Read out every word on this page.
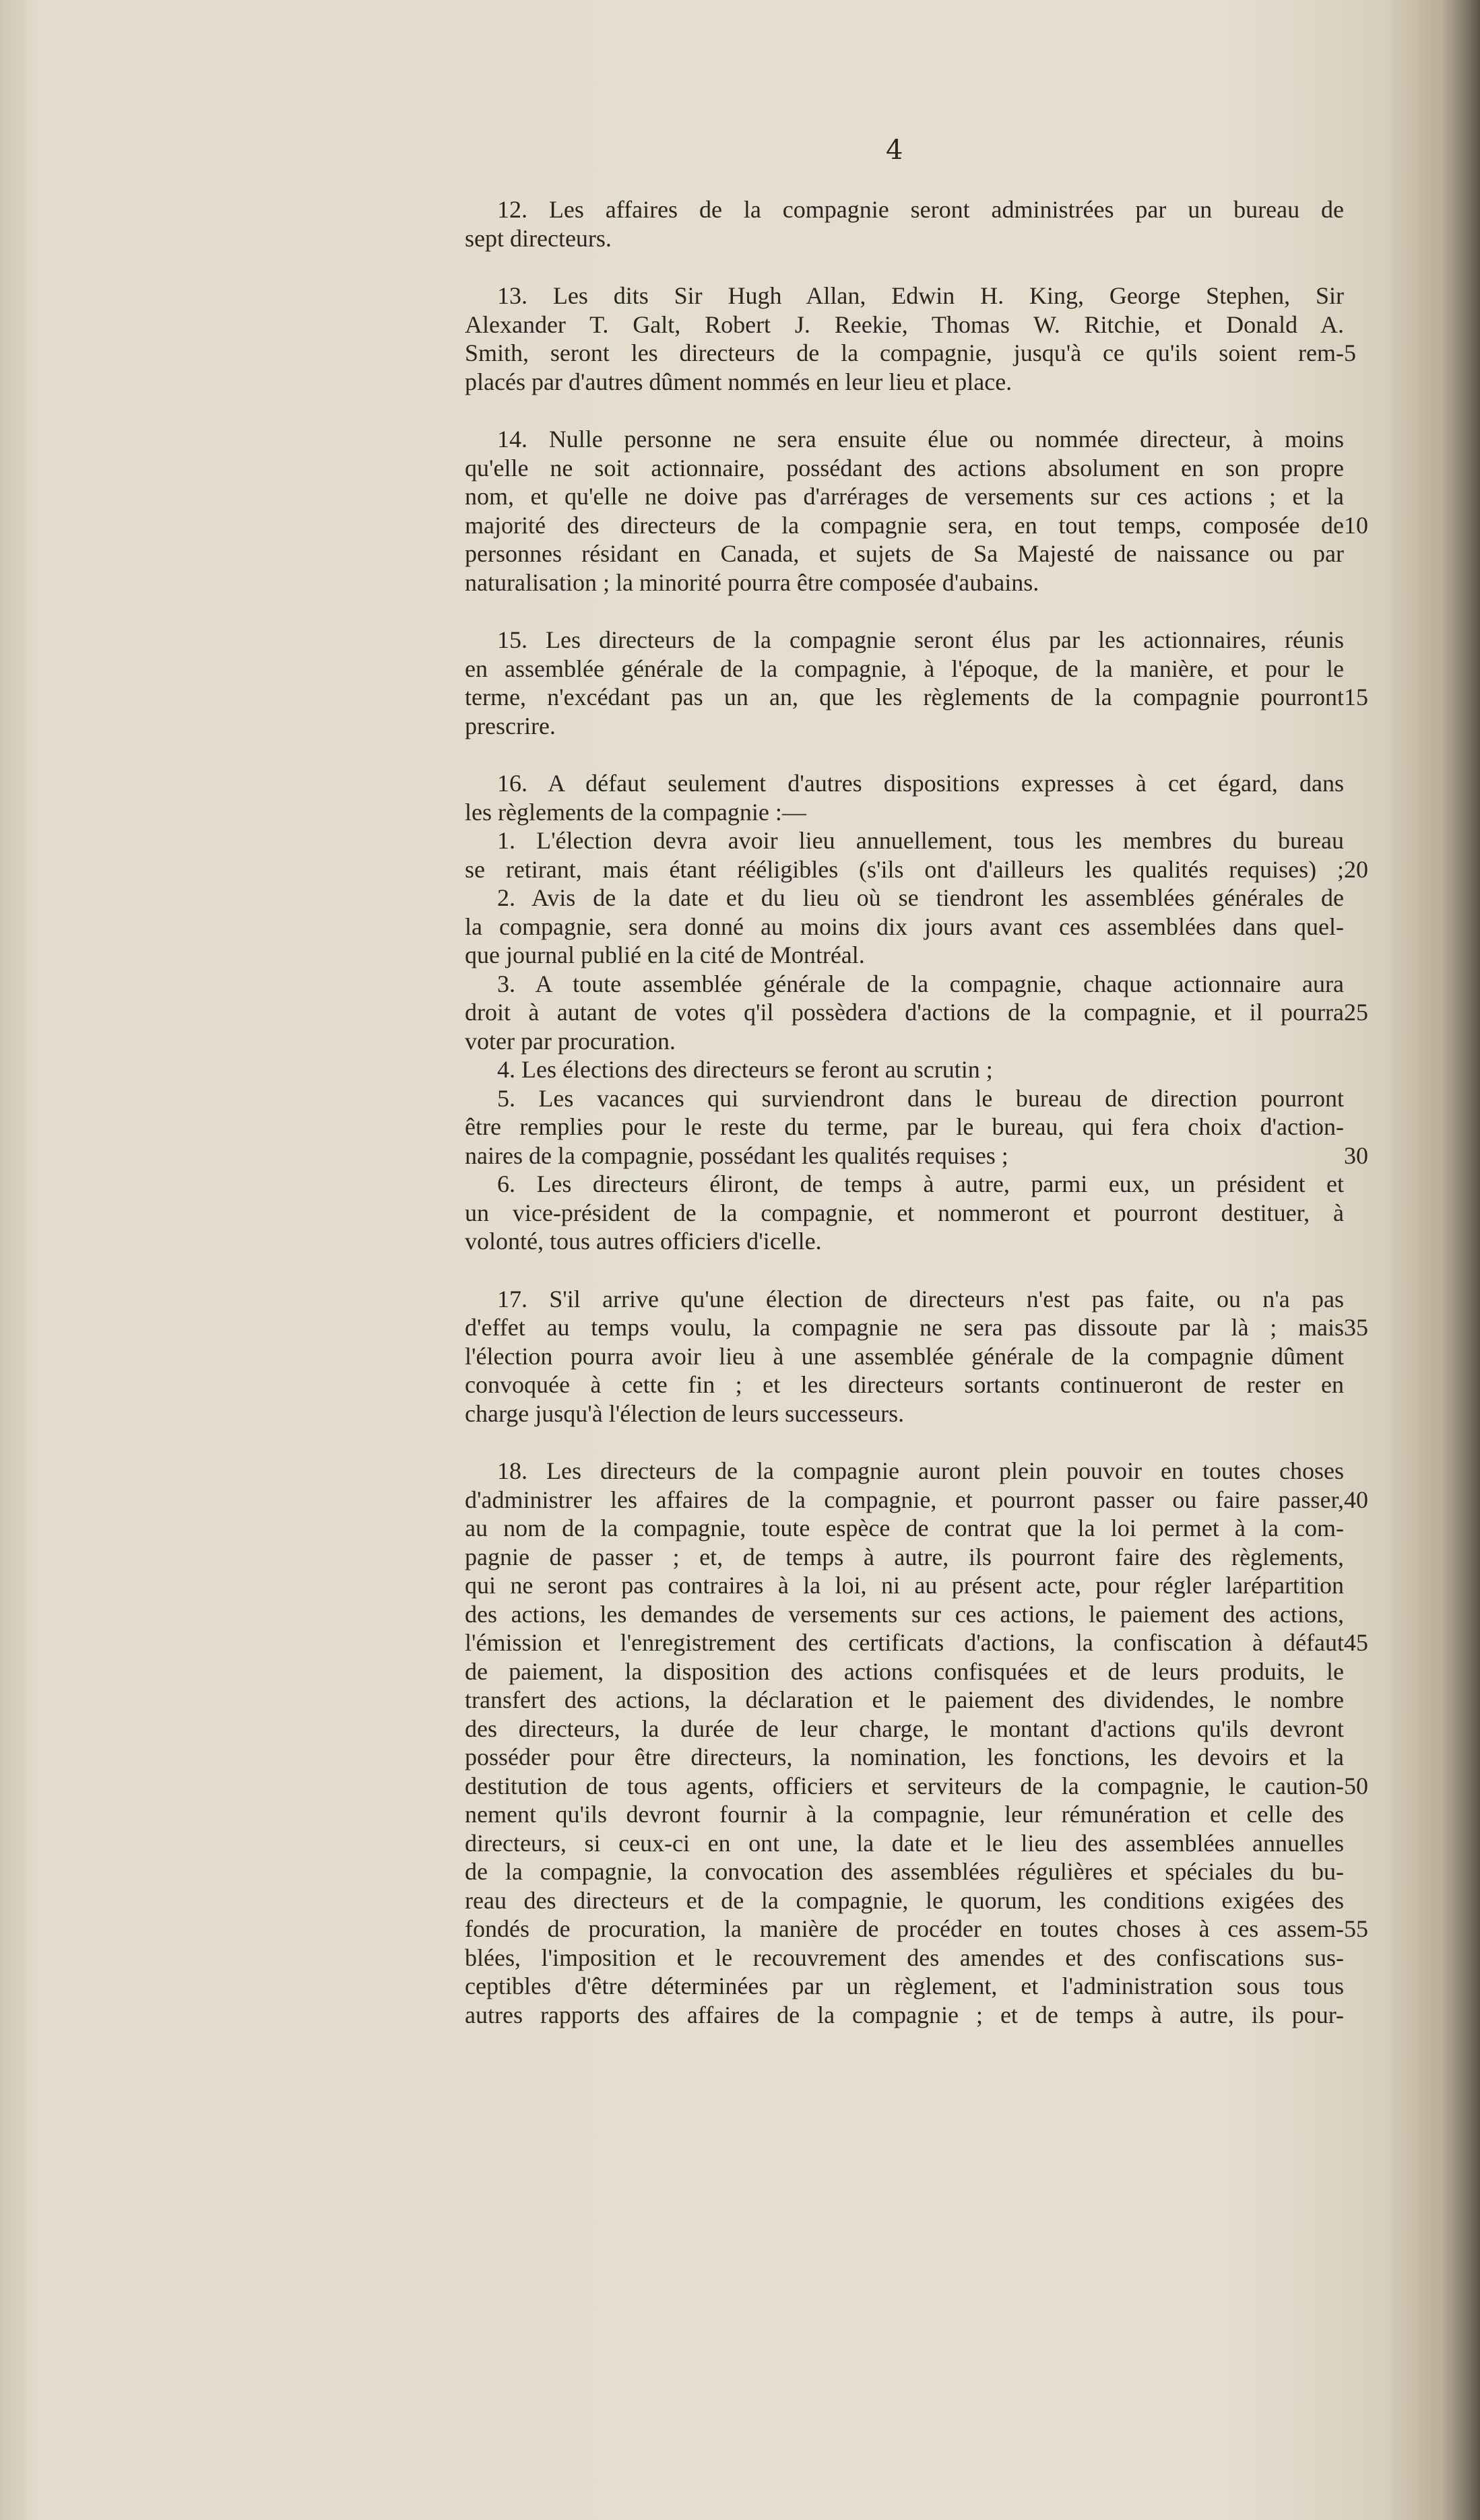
4
12. Les affaires de la compagnie seront administrées par un bureau de
sept directeurs.
13. Les dits Sir Hugh Allan, Edwin H. King, George Stephen, Sir
Alexander T. Galt, Robert J. Reekie, Thomas W. Ritchie, et Donald A.
Smith, seront les directeurs de la compagnie, jusqu'à ce qu'ils soient rem- 5
placés par d'autres dûment nommés en leur lieu et place.
14. Nulle personne ne sera ensuite élue ou nommée directeur, à moins
qu'elle ne soit actionnaire, possédant des actions absolument en son propre
nom, et qu'elle ne doive pas d'arrérages de versements sur ces actions ; et la
majorité des directeurs de la compagnie sera, en tout temps, composée de 10
personnes résidant en Canada, et sujets de Sa Majesté de naissance ou par
naturalisation ; la minorité pourra être composée d'aubains.
15. Les directeurs de la compagnie seront élus par les actionnaires, réunis
en assemblée générale de la compagnie, à l'époque, de la manière, et pour le
terme, n'excédant pas un an, que les règlements de la compagnie pourront 15
prescrire.
16. A défaut seulement d'autres dispositions expresses à cet égard, dans
les règlements de la compagnie :—
1. L'élection devra avoir lieu annuellement, tous les membres du bureau
se retirant, mais étant rééligibles (s'ils ont d'ailleurs les qualités requises) ; 20
2. Avis de la date et du lieu où se tiendront les assemblées générales de
la compagnie, sera donné au moins dix jours avant ces assemblées dans quel-
que journal publié en la cité de Montréal.
3. A toute assemblée générale de la compagnie, chaque actionnaire aura
droit à autant de votes q'il possèdera d'actions de la compagnie, et il pourra 25
voter par procuration.
4. Les élections des directeurs se feront au scrutin ;
5. Les vacances qui surviendront dans le bureau de direction pourront
être remplies pour le reste du terme, par le bureau, qui fera choix d'action-
naires de la compagnie, possédant les qualités requises ;	30
6. Les directeurs éliront, de temps à autre, parmi eux, un président et
un vice-président de la compagnie, et nommeront et pourront destituer, à
volonté, tous autres officiers d'icelle.
17. S'il arrive qu'une élection de directeurs n'est pas faite, ou n'a pas
d'effet au temps voulu, la compagnie ne sera pas dissoute par là ; mais 35
l'élection pourra avoir lieu à une assemblée générale de la compagnie dûment
convoquée à cette fin ; et les directeurs sortants continueront de rester en
charge jusqu'à l'élection de leurs successeurs.
18. Les directeurs de la compagnie auront plein pouvoir en toutes choses
d'administrer les affaires de la compagnie, et pourront passer ou faire passer, 40
au nom de la compagnie, toute espèce de contrat que la loi permet à la com-
pagnie de passer ; et, de temps à autre, ils pourront faire des règlements,
qui ne seront pas contraires à la loi, ni au présent acte, pour régler larépartition
des actions, les demandes de versements sur ces actions, le paiement des actions,
l'émission et l'enregistrement des certificats d'actions, la confiscation à défaut 45
de paiement, la disposition des actions confisquées et de leurs produits, le
transfert des actions, la déclaration et le paiement des dividendes, le nombre
des directeurs, la durée de leur charge, le montant d'actions qu'ils devront
posséder pour être directeurs, la nomination, les fonctions, les devoirs et la
destitution de tous agents, officiers et serviteurs de la compagnie, le caution- 50
nement qu'ils devront fournir à la compagnie, leur rémunération et celle des
directeurs, si ceux-ci en ont une, la date et le lieu des assemblées annuelles
de la compagnie, la convocation des assemblées régulières et spéciales du bu-
reau des directeurs et de la compagnie, le quorum, les conditions exigées des
fondés de procuration, la manière de procéder en toutes choses à ces assem- 55
blées, l'imposition et le recouvrement des amendes et des confiscations sus-
ceptibles d'être déterminées par un règlement, et l'administration sous tous
autres rapports des affaires de la compagnie ; et de temps à autre, ils pour-
